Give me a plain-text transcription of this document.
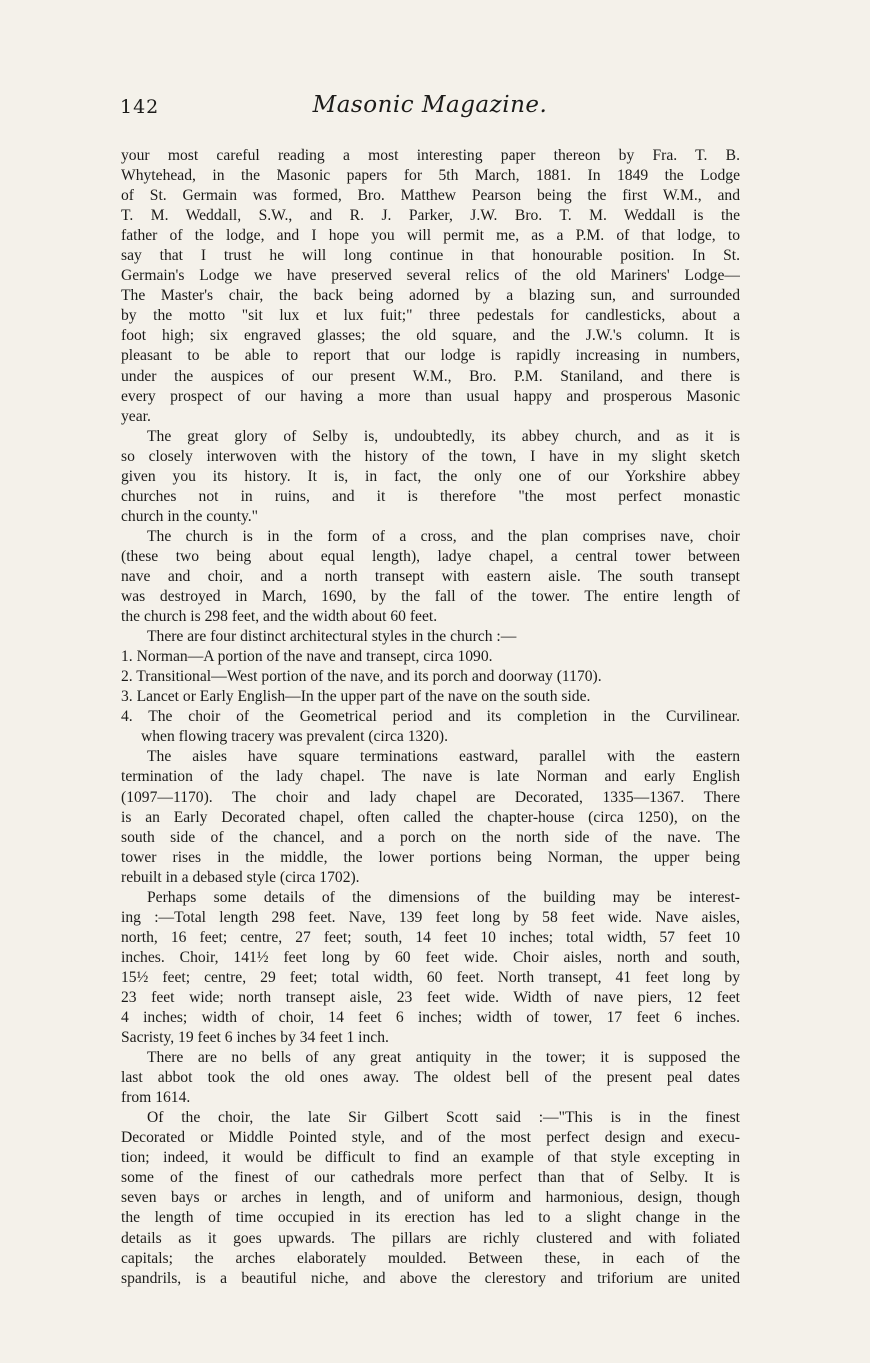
142	Masonic Magazine.
your most careful reading a most interesting paper thereon by Fra. T. B.
Whytehead, in the Masonic papers for 5th March, 1881. In 1849 the Lodge
of St. Germain was formed, Bro. Matthew Pearson being the first W.M., and
T. M. Weddall, S.W., and R. J. Parker, J.W. Bro. T. M. Weddall is the
father of the lodge, and I hope you will permit me, as a P.M. of that lodge, to
say that I trust he will long continue in that honourable position. In St.
Germain's Lodge we have preserved several relics of the old Mariners' Lodge—
The Master's chair, the back being adorned by a blazing sun, and surrounded
by the motto "sit lux et lux fuit;" three pedestals for candlesticks, about a
foot high; six engraved glasses; the old square, and the J.W.'s column. It is
pleasant to be able to report that our lodge is rapidly increasing in numbers,
under the auspices of our present W.M., Bro. P.M. Staniland, and there is
every prospect of our having a more than usual happy and prosperous Masonic
year.
The great glory of Selby is, undoubtedly, its abbey church, and as it is
so closely interwoven with the history of the town, I have in my slight sketch
given you its history. It is, in fact, the only one of our Yorkshire abbey
churches not in ruins, and it is therefore "the most perfect monastic
church in the county."
The church is in the form of a cross, and the plan comprises nave, choir
(these two being about equal length), ladye chapel, a central tower between
nave and choir, and a north transept with eastern aisle. The south transept
was destroyed in March, 1690, by the fall of the tower. The entire length of
the church is 298 feet, and the width about 60 feet.
There are four distinct architectural styles in the church :—
1. Norman—A portion of the nave and transept, circa 1090.
2. Transitional—West portion of the nave, and its porch and doorway (1170).
3. Lancet or Early English—In the upper part of the nave on the south side.
4. The choir of the Geometrical period and its completion in the Curvilinear.
when flowing tracery was prevalent (circa 1320).
The aisles have square terminations eastward, parallel with the eastern
termination of the lady chapel. The nave is late Norman and early English
(1097—1170). The choir and lady chapel are Decorated, 1335—1367. There
is an Early Decorated chapel, often called the chapter-house (circa 1250), on the
south side of the chancel, and a porch on the north side of the nave. The
tower rises in the middle, the lower portions being Norman, the upper being
rebuilt in a debased style (circa 1702).
Perhaps some details of the dimensions of the building may be interest-
ing :—Total length 298 feet. Nave, 139 feet long by 58 feet wide. Nave aisles,
north, 16 feet; centre, 27 feet; south, 14 feet 10 inches; total width, 57 feet 10
inches. Choir, 141½ feet long by 60 feet wide. Choir aisles, north and south,
15½ feet; centre, 29 feet; total width, 60 feet. North transept, 41 feet long by
23 feet wide; north transept aisle, 23 feet wide. Width of nave piers, 12 feet
4 inches; width of choir, 14 feet 6 inches; width of tower, 17 feet 6 inches.
Sacristy, 19 feet 6 inches by 34 feet 1 inch.
There are no bells of any great antiquity in the tower; it is supposed the
last abbot took the old ones away. The oldest bell of the present peal dates
from 1614.
Of the choir, the late Sir Gilbert Scott said :—"This is in the finest
Decorated or Middle Pointed style, and of the most perfect design and execu-
tion; indeed, it would be difficult to find an example of that style excepting in
some of the finest of our cathedrals more perfect than that of Selby. It is
seven bays or arches in length, and of uniform and harmonious, design, though
the length of time occupied in its erection has led to a slight change in the
details as it goes upwards. The pillars are richly clustered and with foliated
capitals; the arches elaborately moulded. Between these, in each of the
spandrils, is a beautiful niche, and above the clerestory and triforium are united
